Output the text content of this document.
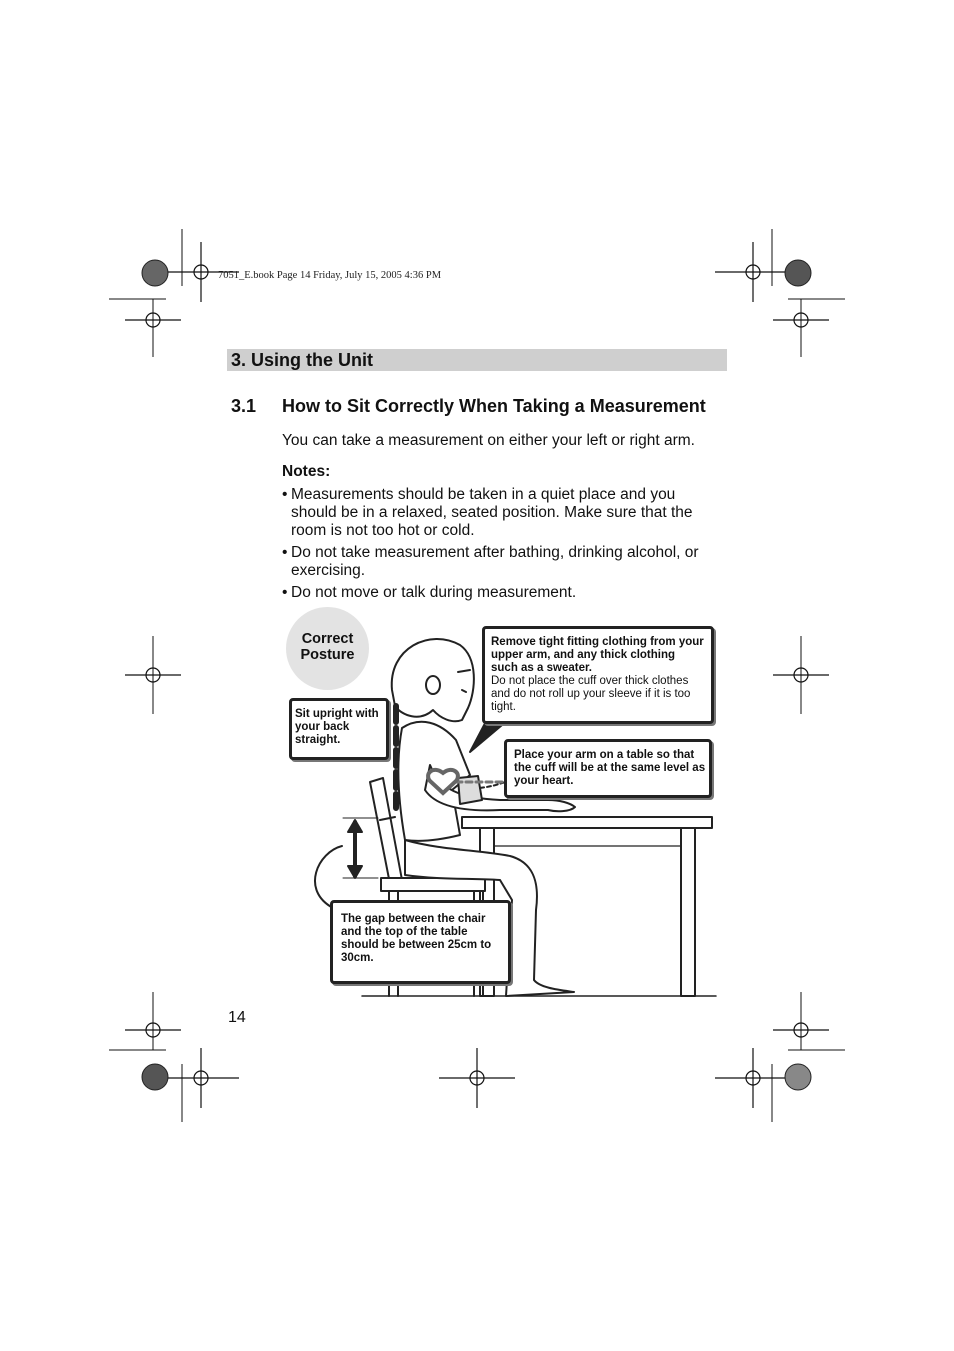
7051_E.book Page 14 Friday, July 15, 2005 4:36 PM
3. Using the Unit
3.1 How to Sit Correctly When Taking a Measurement
You can take a measurement on either your left or right arm.
Notes:
• Measurements should be taken in a quiet place and you should be in a relaxed, seated position. Make sure that the room is not too hot or cold.
• Do not take measurement after bathing, drinking alcohol, or exercising.
• Do not move or talk during measurement.
Correct
Posture
Sit upright with your back straight.
Remove tight fitting clothing from your upper arm, and any thick clothing such as a sweater.
Do not place the cuff over thick clothes and do not roll up your sleeve if it is too tight.
Place your arm on a table so that the cuff will be at the same level as your heart.
The gap between the chair and the top of the table should be between 25cm to 30cm.
14
